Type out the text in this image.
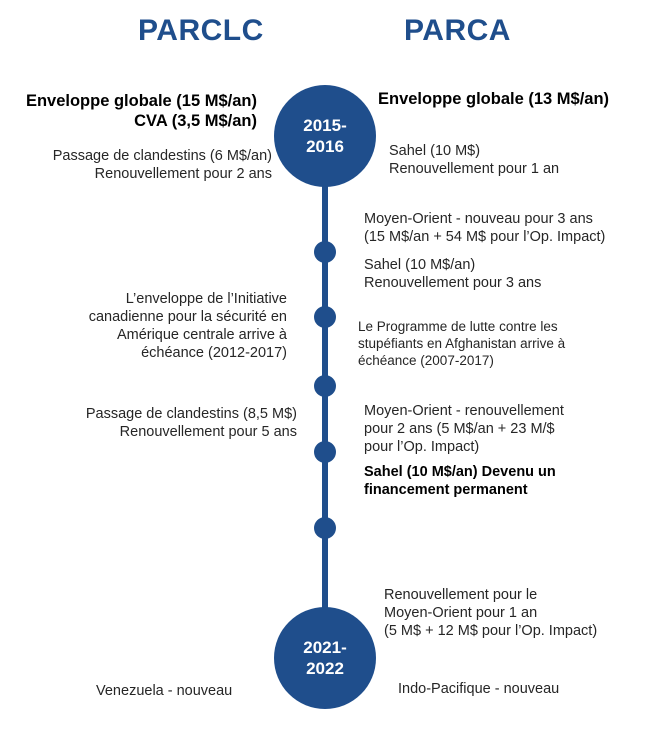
PARCLC	PARCA
2015-
2016
2021-
2022
Enveloppe globale (15 M$/an)
CVA (3,5 M$/an)
Passage de clandestins (6 M$/an)
Renouvellement pour 2 ans
L’enveloppe de l’Initiative
canadienne pour la sécurité en
Amérique centrale arrive à
échéance (2012-2017)
Passage de clandestins (8,5 M$)
Renouvellement pour 5 ans
Venezuela - nouveau
Enveloppe globale (13 M$/an)
Sahel (10 M$)
Renouvellement pour 1 an
Moyen-Orient - nouveau pour 3 ans
(15 M$/an + 54 M$ pour l’Op. Impact)
Sahel (10 M$/an)
Renouvellement pour 3 ans
Le Programme de lutte contre les
stupéfiants en Afghanistan arrive à
échéance (2007-2017)
Moyen-Orient - renouvellement
pour 2 ans (5 M$/an + 23 M/$
pour l’Op. Impact)
Sahel (10 M$/an) Devenu un
financement permanent
Renouvellement pour le
Moyen-Orient pour 1 an
(5 M$ + 12 M$ pour l’Op. Impact)
Indo-Pacifique - nouveau
